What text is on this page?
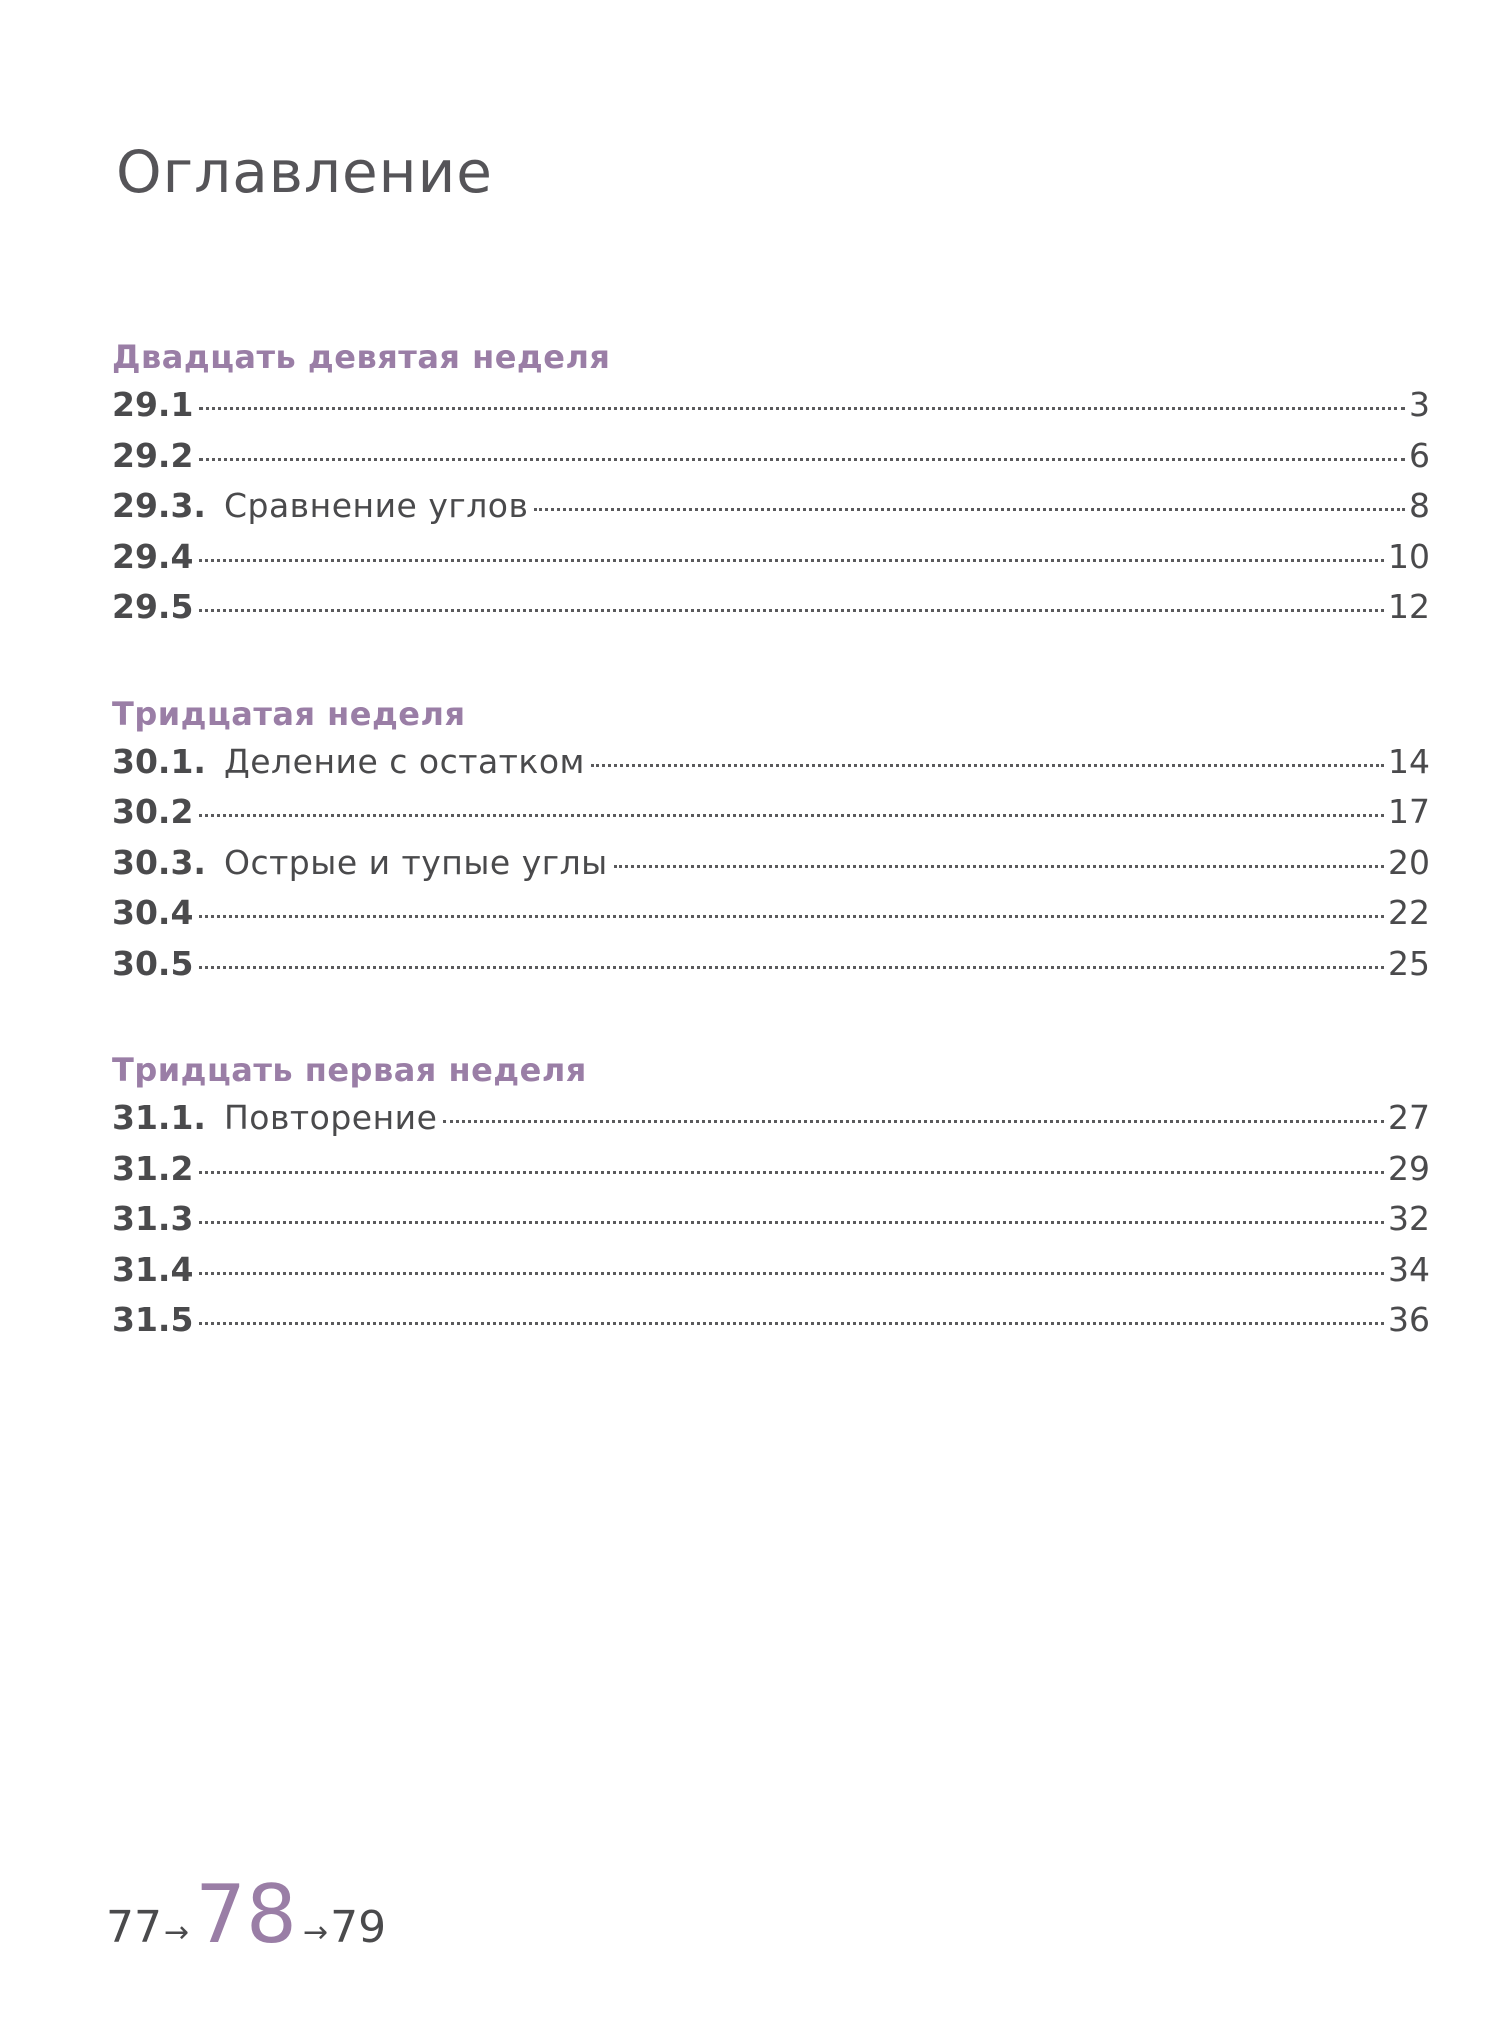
Оглавление
Двадцать девятая неделя
29.1	3
29.2	6
29.3. Сравнение углов	8
29.4	10
29.5	12
Тридцатая неделя
30.1. Деление с остатком	14
30.2	17
30.3. Острые и тупые углы	20
30.4	22
30.5	25
Тридцать первая неделя
31.1. Повторение	27
31.2	29
31.3	32
31.4	34
31.5	36
77 → 78 → 79
